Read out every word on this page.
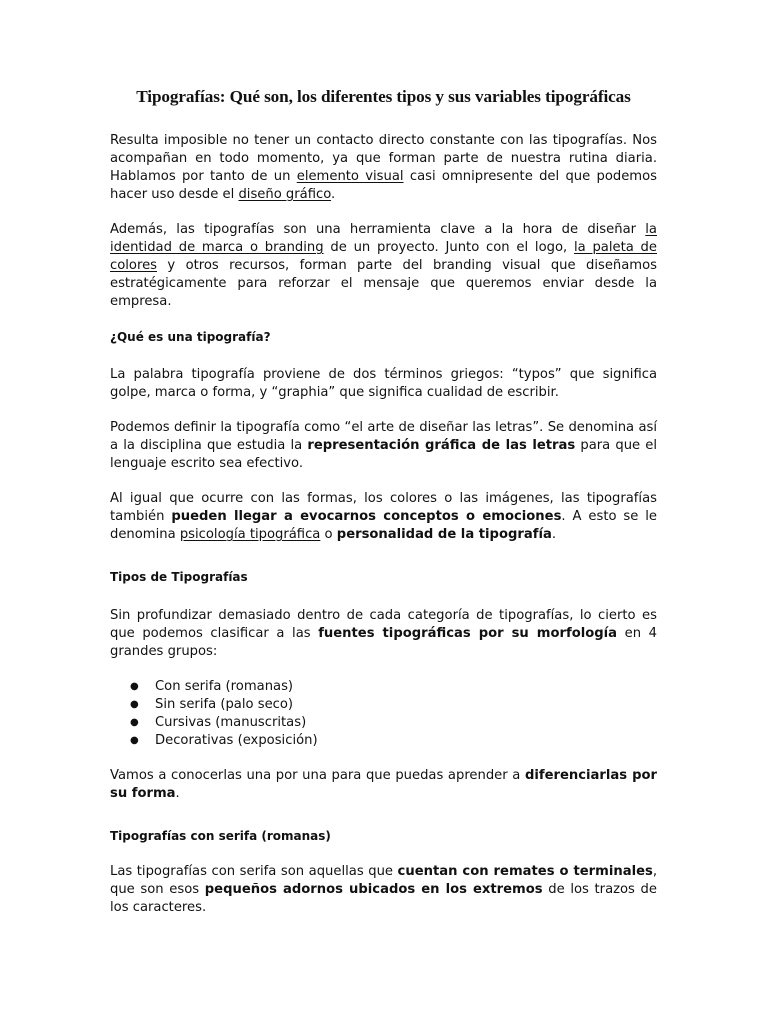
Tipografías: Qué son, los diferentes tipos y sus variables tipográficas

Resulta imposible no tener un contacto directo constante con las tipografías. Nos acompañan en todo momento, ya que forman parte de nuestra rutina diaria. Hablamos por tanto de un elemento visual casi omnipresente del que podemos hacer uso desde el diseño gráfico.

Además, las tipografías son una herramienta clave a la hora de diseñar la identidad de marca o branding de un proyecto. Junto con el logo, la paleta de colores y otros recursos, forman parte del branding visual que diseñamos estratégicamente para reforzar el mensaje que queremos enviar desde la empresa.

¿Qué es una tipografía?

La palabra tipografía proviene de dos términos griegos: “typos” que significa golpe, marca o forma, y “graphia” que significa cualidad de escribir.

Podemos definir la tipografía como “el arte de diseñar las letras”. Se denomina así a la disciplina que estudia la representación gráfica de las letras para que el lenguaje escrito sea efectivo.

Al igual que ocurre con las formas, los colores o las imágenes, las tipografías también pueden llegar a evocarnos conceptos o emociones. A esto se le denomina psicología tipográfica o personalidad de la tipografía.

Tipos de Tipografías

Sin profundizar demasiado dentro de cada categoría de tipografías, lo cierto es que podemos clasificar a las fuentes tipográficas por su morfología en 4 grandes grupos:

● Con serifa (romanas)
● Sin serifa (palo seco)
● Cursivas (manuscritas)
● Decorativas (exposición)

Vamos a conocerlas una por una para que puedas aprender a diferenciarlas por su forma.

Tipografías con serifa (romanas)

Las tipografías con serifa son aquellas que cuentan con remates o terminales, que son esos pequeños adornos ubicados en los extremos de los trazos de los caracteres.
